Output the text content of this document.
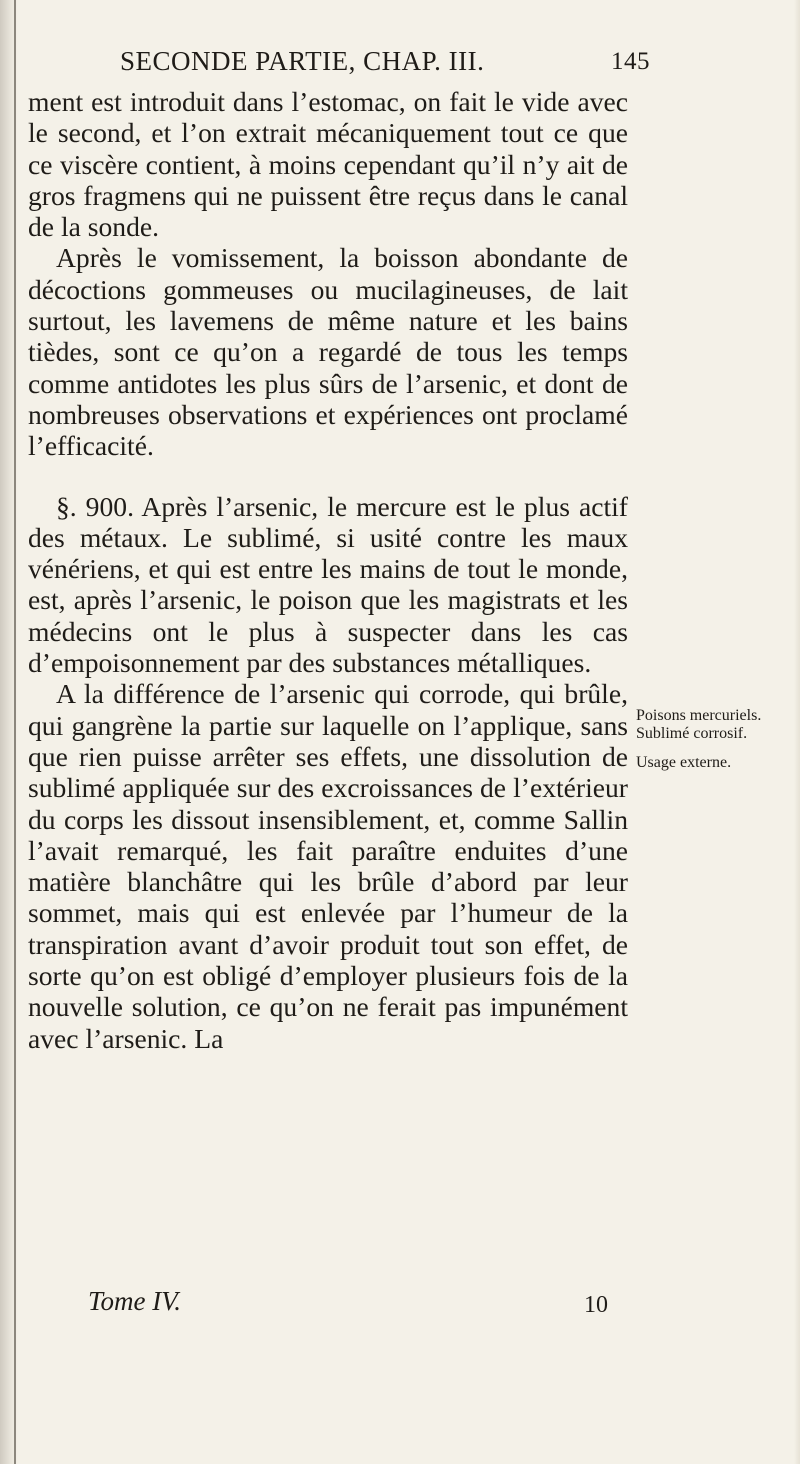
SECONDE PARTIE, CHAP. III.	145

ment est introduit dans l’estomac, on fait le vide avec le second, et l’on extrait mécaniquement tout ce que ce viscère contient, à moins cependant qu’il n’y ait de gros fragmens qui ne puissent être reçus dans le canal de la sonde.

Après le vomissement, la boisson abondante de décoctions gommeuses ou mucilagineuses, de lait surtout, les lavemens de même nature et les bains tièdes, sont ce qu’on a regardé de tous les temps comme antidotes les plus sûrs de l’arsenic, et dont de nombreuses observations et expériences ont proclamé l’efficacité.

§. 900. Après l’arsenic, le mercure est le plus actif des métaux. Le sublimé, si usité contre les maux vénériens, et qui est entre les mains de tout le monde, est, après l’arsenic, le poison que les magistrats et les médecins ont le plus à suspecter dans les cas d’empoisonnement par des substances métalliques.

A la différence de l’arsenic qui corrode, qui brûle, qui gangrène la partie sur laquelle on l’applique, sans que rien puisse arrêter ses effets, une dissolution de sublimé appliquée sur des excroissances de l’extérieur du corps les dissout insensiblement, et, comme Sallin l’avait remarqué, les fait paraître enduites d’une matière blanchâtre qui les brûle d’abord par leur sommet, mais qui est enlevée par l’humeur de la transpiration avant d’avoir produit tout son effet, de sorte qu’on est obligé d’employer plusieurs fois de la nouvelle solution, ce qu’on ne ferait pas impunément avec l’arsenic. La

Poisons mercuriels. Sublimé corrosif.
Usage externe.
Tome IV.	10
